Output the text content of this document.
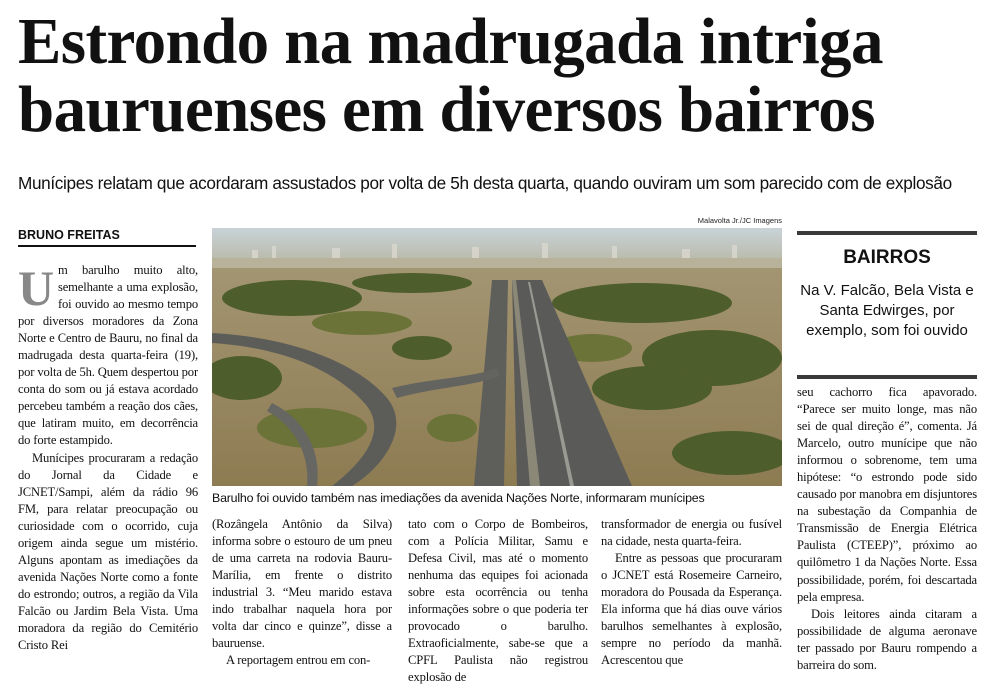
Estrondo na madrugada intriga
bauruenses em diversos bairros

Munícipes relatam que acordaram assustados por volta de 5h desta quarta, quando ouviram um som parecido com de explosão

BRUNO FREITAS

Um barulho muito alto, semelhante a uma explosão, foi ouvido ao mesmo tempo por diversos moradores da Zona Norte e Centro de Bauru, no final da madrugada desta quarta-feira (19), por volta de 5h. Quem despertou por conta do som ou já estava acordado percebeu também a reação dos cães, que latiram muito, em decorrência do forte estampido.

Munícipes procuraram a redação do Jornal da Cidade e JCNET/Sampi, além da rádio 96 FM, para relatar preocupação ou curiosidade com o ocorrido, cuja origem ainda segue um mistério. Alguns apontam as imediações da avenida Nações Norte como a fonte do estrondo; outros, a região da Vila Falcão ou Jardim Bela Vista. Uma moradora da região do Cemitério Cristo Rei

Malavolta Jr./JC Imagens
Barulho foi ouvido também nas imediações da avenida Nações Norte, informaram munícipes

(Rozângela Antônio da Silva) informa sobre o estouro de um pneu de uma carreta na rodovia Bauru-Marília, em frente o distrito industrial 3. “Meu marido estava indo trabalhar naquela hora por volta dar cinco e quinze”, disse a bauruense.

A reportagem entrou em con-

tato com o Corpo de Bombeiros, com a Polícia Militar, Samu e Defesa Civil, mas até o momento nenhuma das equipes foi acionada sobre esta ocorrência ou tenha informações sobre o que poderia ter provocado o barulho. Extraoficialmente, sabe-se que a CPFL Paulista não registrou explosão de

transformador de energia ou fusível na cidade, nesta quarta-feira.

Entre as pessoas que procuraram o JCNET está Rosemeire Carneiro, moradora do Pousada da Esperança. Ela informa que há dias ouve vários barulhos semelhantes à explosão, sempre no período da manhã. Acrescentou que

BAIRROS
Na V. Falcão, Bela Vista e Santa Edwirges, por exemplo, som foi ouvido

seu cachorro fica apavorado. “Parece ser muito longe, mas não sei de qual direção é”, comenta. Já Marcelo, outro munícipe que não informou o sobrenome, tem uma hipótese: “o estrondo pode sido causado por manobra em disjuntores na subestação da Companhia de Transmissão de Energia Elétrica Paulista (CTEEP)”, próximo ao quilômetro 1 da Nações Norte. Essa possibilidade, porém, foi descartada pela empresa.

Dois leitores ainda citaram a possibilidade de alguma aeronave ter passado por Bauru rompendo a barreira do som.
